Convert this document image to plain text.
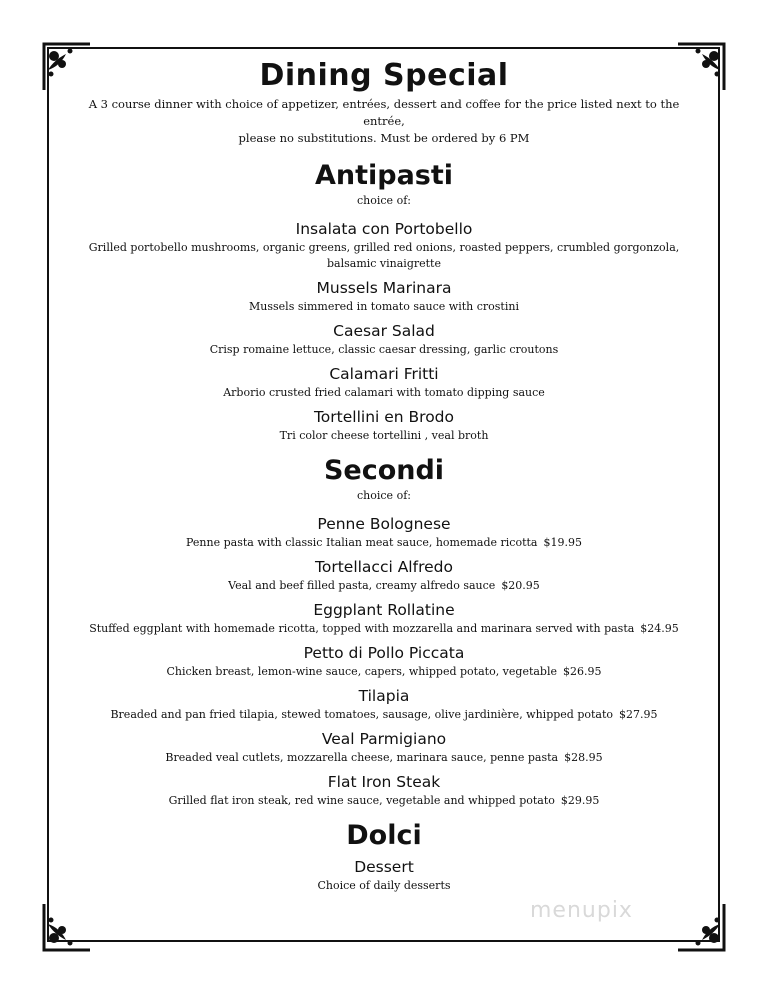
Dining Special

A 3 course dinner with choice of appetizer, entrées, dessert and coffee for the price listed next to the entrée,
please no substitutions. Must be ordered by 6 PM

Antipasti

choice of:

Insalata con Portobello
Grilled portobello mushrooms, organic greens, grilled red onions, roasted peppers, crumbled gorgonzola,
balsamic vinaigrette
Mussels Marinara
Mussels simmered in tomato sauce with crostini
Caesar Salad
Crisp romaine lettuce, classic caesar dressing, garlic croutons
Calamari Fritti
Arborio crusted fried calamari with tomato dipping sauce
Tortellini en Brodo
Tri color cheese tortellini , veal broth
Secondi

choice of:

Penne Bolognese
Penne pasta with classic Italian meat sauce, homemade ricotta $19.95
Tortellacci Alfredo
Veal and beef filled pasta, creamy alfredo sauce $20.95
Eggplant Rollatine
Stuffed eggplant with homemade ricotta, topped with mozzarella and marinara served with pasta $24.95
Petto di Pollo Piccata
Chicken breast, lemon-wine sauce, capers, whipped potato, vegetable $26.95
Tilapia
Breaded and pan fried tilapia, stewed tomatoes, sausage, olive jardinière, whipped potato $27.95
Veal Parmigiano
Breaded veal cutlets, mozzarella cheese, marinara sauce, penne pasta $28.95
Flat Iron Steak
Grilled flat iron steak, red wine sauce, vegetable and whipped potato $29.95
Dolci
Dessert
Choice of daily desserts
menupix
